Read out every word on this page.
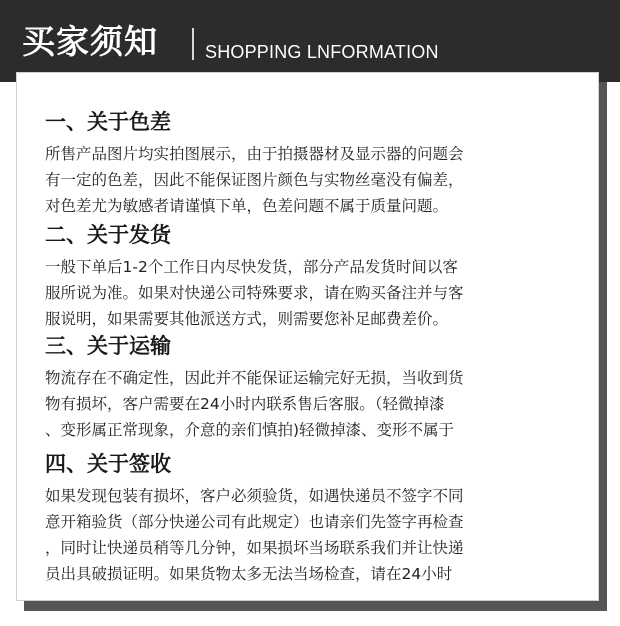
买家须知	SHOPPING LNFORMATION
一、关于色差
所售产品图片均实拍图展示，由于拍摄器材及显示器的问题会
有一定的色差，因此不能保证图片颜色与实物丝毫没有偏差，
对色差尤为敏感者请谨慎下单，色差问题不属于质量问题。
二、关于发货
一般下单后1-2个工作日内尽快发货，部分产品发货时间以客
服所说为准。如果对快递公司特殊要求，请在购买备注并与客
服说明，如果需要其他派送方式，则需要您补足邮费差价。
三、关于运输
物流存在不确定性，因此并不能保证运输完好无损，当收到货
物有损坏，客户需要在24小时内联系售后客服。（轻微掉漆
、变形属正常现象，介意的亲们慎拍)轻微掉漆、变形不属于
四、关于签收
如果发现包装有损坏，客户必须验货，如遇快递员不签字不同
意开箱验货（部分快递公司有此规定）也请亲们先签字再检查
，同时让快递员稍等几分钟，如果损坏当场联系我们并让快递
员出具破损证明。如果货物太多无法当场检查，请在24小时
